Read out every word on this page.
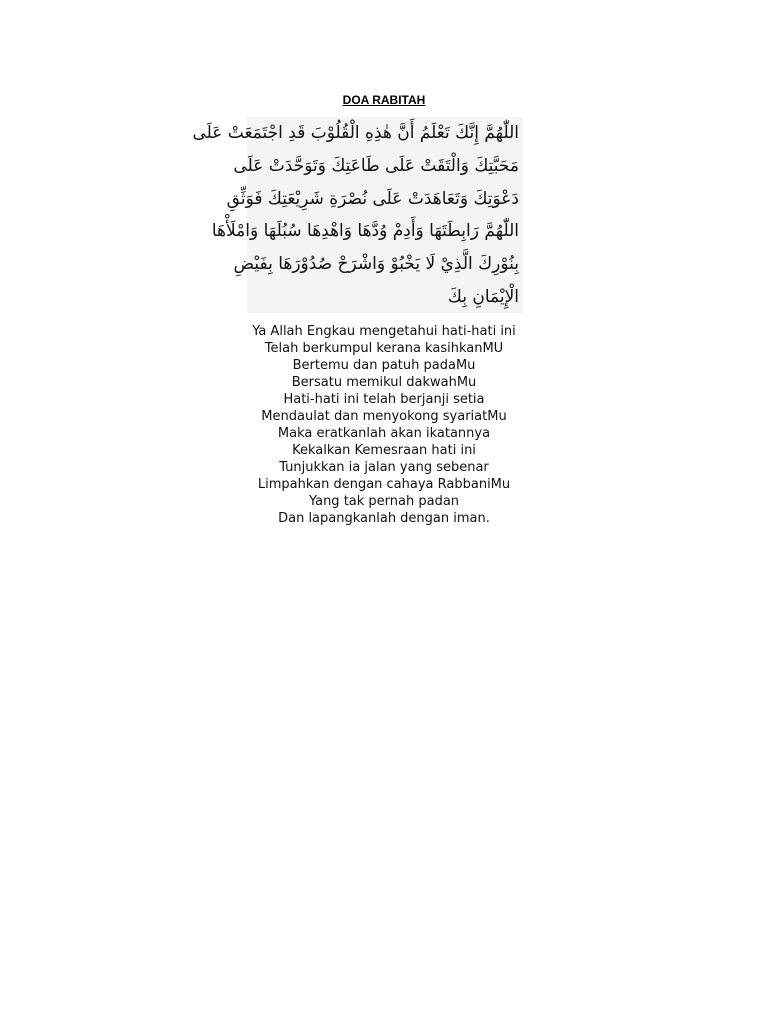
DOA RABITAH
اللّٰهُمَّ إِنَّكَ تَعْلَمُ أَنَّ هٰذِهِ الْقُلُوْبَ قَدِ اجْتَمَعَتْ عَلَى
مَحَبَّتِكَ وَالْتَقَتْ عَلَى طَاعَتِكَ وَتَوَحَّدَتْ عَلَى
دَعْوَتِكَ وَتَعَاهَدَتْ عَلَى نُصْرَةِ شَرِيْعَتِكَ فَوَثِّقِ
اللّٰهُمَّ رَابِطَتَهَا وَأَدِمْ وُدَّهَا وَاهْدِهَا سُبُلَهَا وَامْلَأْهَا
بِنُوْرِكَ الَّذِيْ لَا يَخْبُوْ وَاشْرَحْ صُدُوْرَهَا بِفَيْضِ
الْإِيْمَانِ بِكَ
Ya Allah Engkau mengetahui hati-hati ini
Telah berkumpul kerana kasihkanMU
Bertemu dan patuh padaMu
Bersatu memikul dakwahMu
Hati-hati ini telah berjanji setia
Mendaulat dan menyokong syariatMu
Maka eratkanlah akan ikatannya
Kekalkan Kemesraan hati ini
Tunjukkan ia jalan yang sebenar
Limpahkan dengan cahaya RabbaniMu
Yang tak pernah padan
Dan lapangkanlah dengan iman.
